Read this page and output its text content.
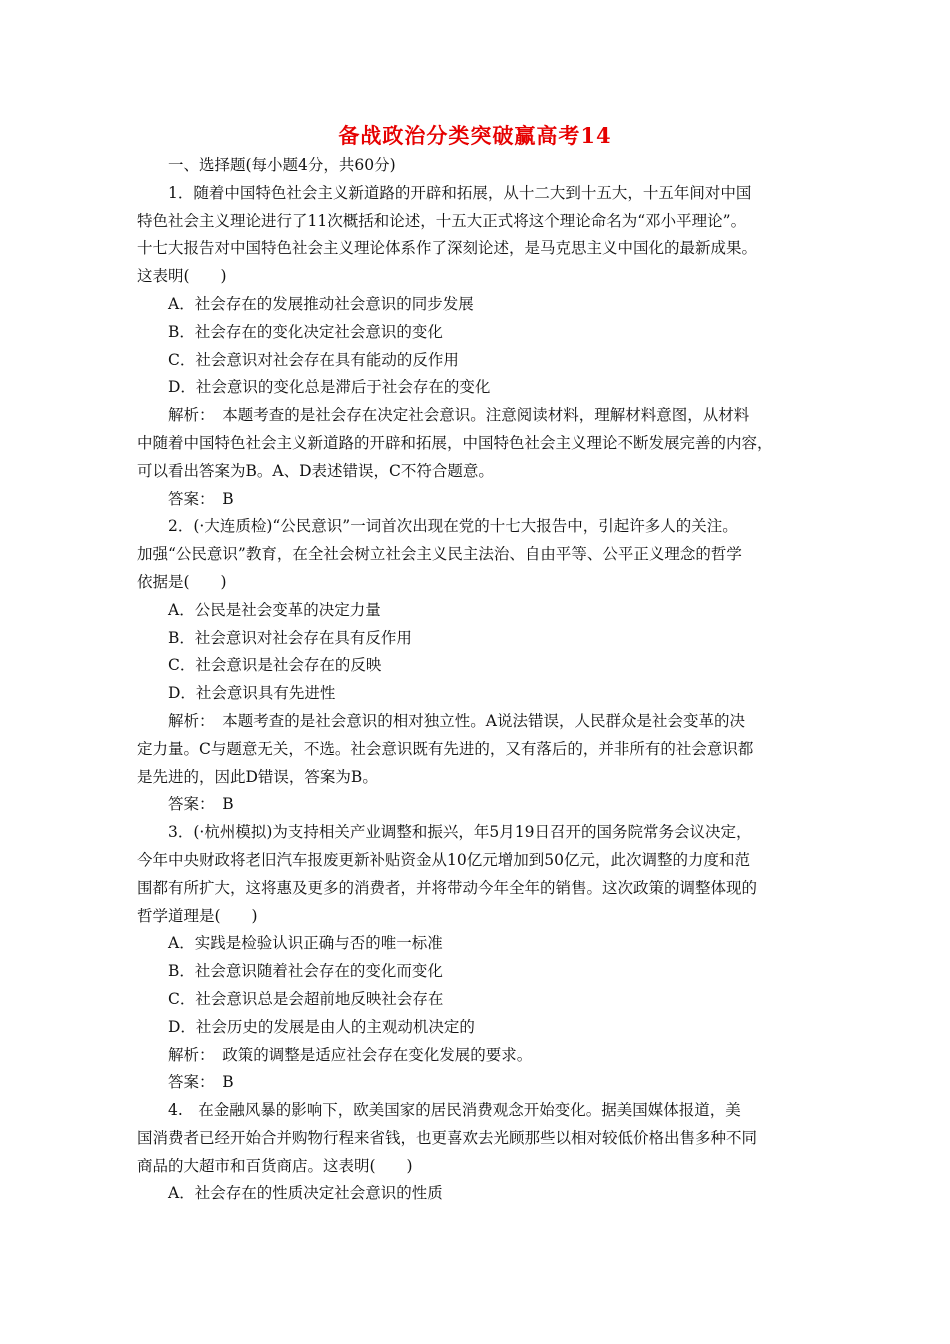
备战政治分类突破赢高考14
一、选择题(每小题4分，共60分)
1．随着中国特色社会主义新道路的开辟和拓展，从十二大到十五大，十五年间对中国
特色社会主义理论进行了11次概括和论述，十五大正式将这个理论命名为“邓小平理论”。
十七大报告对中国特色社会主义理论体系作了深刻论述，是马克思主义中国化的最新成果。
这表明(　　)
A．社会存在的发展推动社会意识的同步发展
B．社会存在的变化决定社会意识的变化
C．社会意识对社会存在具有能动的反作用
D．社会意识的变化总是滞后于社会存在的变化
解析：　本题考查的是社会存在决定社会意识。注意阅读材料，理解材料意图，从材料
中随着中国特色社会主义新道路的开辟和拓展，中国特色社会主义理论不断发展完善的内容，
可以看出答案为B。A、D表述错误，C不符合题意。
答案：　B
2．(·大连质检)“公民意识”一词首次出现在党的十七大报告中，引起许多人的关注。
加强“公民意识”教育，在全社会树立社会主义民主法治、自由平等、公平正义理念的哲学
依据是(　　)
A．公民是社会变革的决定力量
B．社会意识对社会存在具有反作用
C．社会意识是社会存在的反映
D．社会意识具有先进性
解析：　本题考查的是社会意识的相对独立性。A说法错误，人民群众是社会变革的决
定力量。C与题意无关，不选。社会意识既有先进的，又有落后的，并非所有的社会意识都
是先进的，因此D错误，答案为B。
答案：　B
3．(·杭州模拟)为支持相关产业调整和振兴，年5月19日召开的国务院常务会议决定，
今年中央财政将老旧汽车报废更新补贴资金从10亿元增加到50亿元，此次调整的力度和范
围都有所扩大，这将惠及更多的消费者，并将带动今年全年的销售。这次政策的调整体现的
哲学道理是(　　)
A．实践是检验认识正确与否的唯一标准
B．社会意识随着社会存在的变化而变化
C．社会意识总是会超前地反映社会存在
D．社会历史的发展是由人的主观动机决定的
解析：　政策的调整是适应社会存在变化发展的要求。
答案：　B
4.　在金融风暴的影响下，欧美国家的居民消费观念开始变化。据美国媒体报道，美
国消费者已经开始合并购物行程来省钱，也更喜欢去光顾那些以相对较低价格出售多种不同
商品的大超市和百货商店。这表明(　　)
A．社会存在的性质决定社会意识的性质
